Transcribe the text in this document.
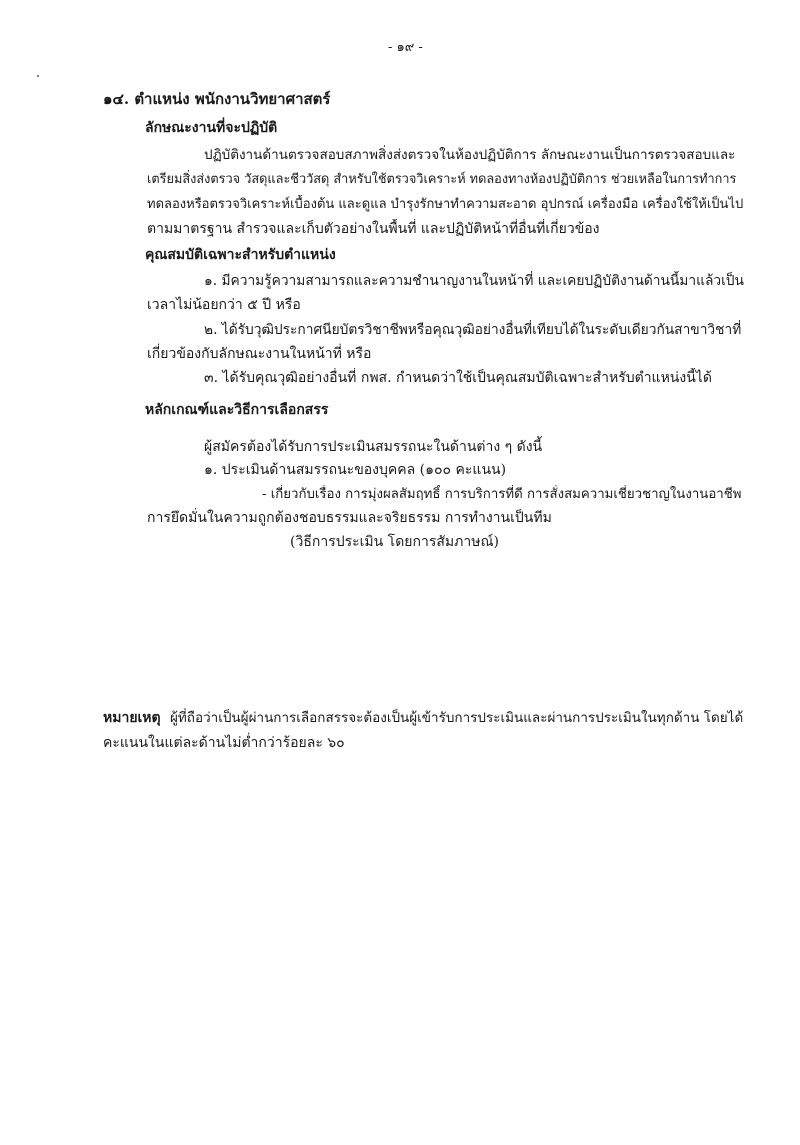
- ๑๙ -
๑๔. ตำแหน่ง พนักงานวิทยาศาสตร์
ลักษณะงานที่จะปฏิบัติ
ปฏิบัติงานด้านตรวจสอบสภาพสิ่งส่งตรวจในห้องปฏิบัติการ ลักษณะงานเป็นการตรวจสอบและ
เตรียมสิ่งส่งตรวจ วัสดุและชีววัสดุ สำหรับใช้ตรวจวิเคราะห์ ทดลองทางห้องปฏิบัติการ ช่วยเหลือในการทำการ
ทดลองหรือตรวจวิเคราะห์เบื้องต้น และดูแล บำรุงรักษาทำความสะอาด อุปกรณ์ เครื่องมือ เครื่องใช้ให้เป็นไป
ตามมาตรฐาน สำรวจและเก็บตัวอย่างในพื้นที่ และปฏิบัติหน้าที่อื่นที่เกี่ยวข้อง
คุณสมบัติเฉพาะสำหรับตำแหน่ง
๑. มีความรู้ความสามารถและความชำนาญงานในหน้าที่ และเคยปฏิบัติงานด้านนี้มาแล้วเป็น
เวลาไม่น้อยกว่า ๕ ปี หรือ
๒. ได้รับวุฒิประกาศนียบัตรวิชาชีพหรือคุณวุฒิอย่างอื่นที่เทียบได้ในระดับเดียวกันสาขาวิชาที่
เกี่ยวข้องกับลักษณะงานในหน้าที่ หรือ
๓. ได้รับคุณวุฒิอย่างอื่นที่ กพส. กำหนดว่าใช้เป็นคุณสมบัติเฉพาะสำหรับตำแหน่งนี้ได้
หลักเกณฑ์และวิธีการเลือกสรร
ผู้สมัครต้องได้รับการประเมินสมรรถนะในด้านต่าง ๆ ดังนี้
๑. ประเมินด้านสมรรถนะของบุคคล (๑๐๐ คะแนน)
- เกี่ยวกับเรื่อง การมุ่งผลสัมฤทธิ์ การบริการที่ดี การสั่งสมความเชี่ยวชาญในงานอาชีพ
การยึดมั่นในความถูกต้องชอบธรรมและจริยธรรม การทำงานเป็นทีม
(วิธีการประเมิน โดยการสัมภาษณ์)
หมายเหตุ ผู้ที่ถือว่าเป็นผู้ผ่านการเลือกสรรจะต้องเป็นผู้เข้ารับการประเมินและผ่านการประเมินในทุกด้าน โดยได้
คะแนนในแต่ละด้านไม่ต่ำกว่าร้อยละ ๖๐
